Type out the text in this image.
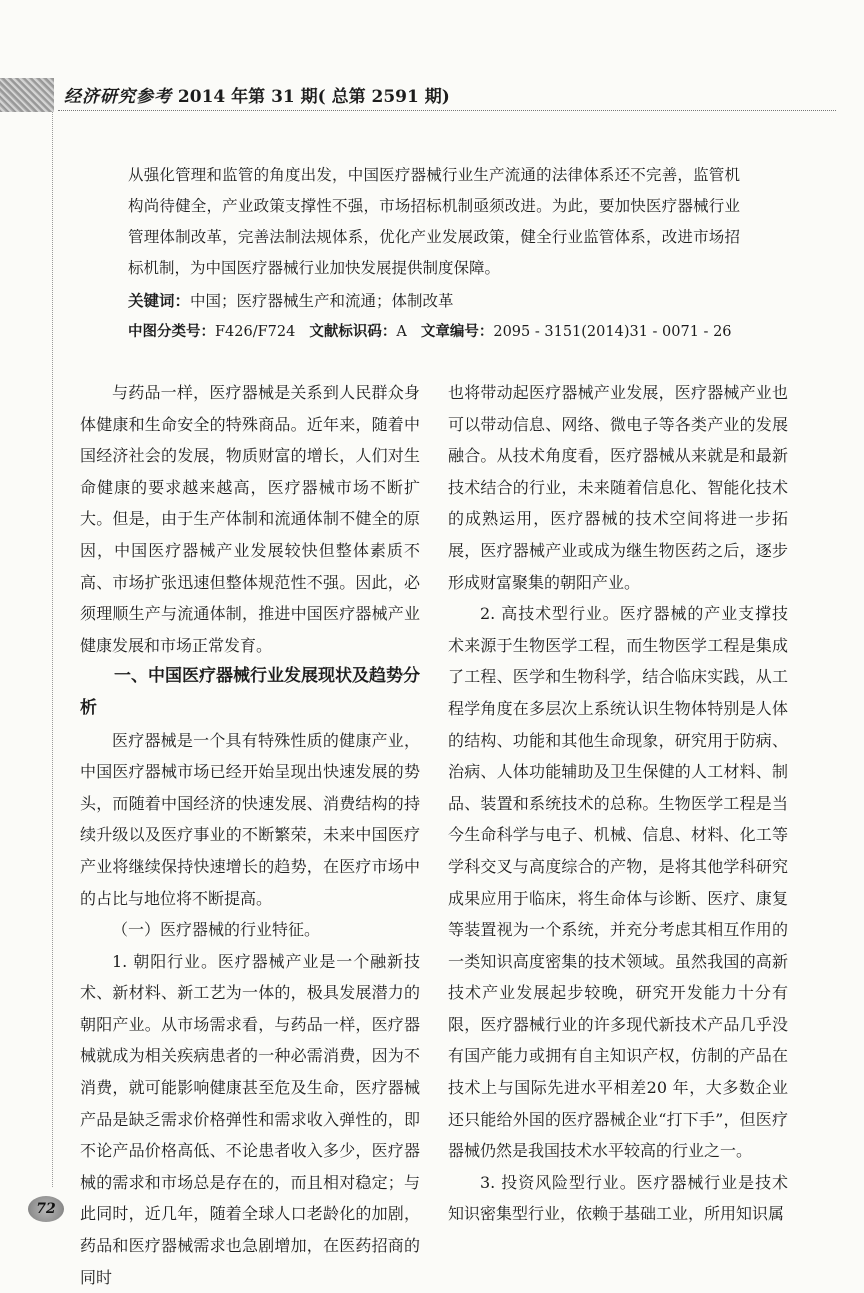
经济研究参考 2014 年第 31 期( 总第 2591 期)

从强化管理和监管的角度出发，中国医疗器械行业生产流通的法律体系还不完善，监管机构尚待健全，产业政策支撑性不强，市场招标机制亟须改进。为此，要加快医疗器械行业管理体制改革，完善法制法规体系，优化产业发展政策，健全行业监管体系，改进市场招标机制，为中国医疗器械行业加快发展提供制度保障。

关键词：中国；医疗器械生产和流通；体制改革

中图分类号：F426/F724 文献标识码：A 文章编号：2095 - 3151(2014)31 - 0071 - 26

与药品一样，医疗器械是关系到人民群众身体健康和生命安全的特殊商品。近年来，随着中国经济社会的发展，物质财富的增长，人们对生命健康的要求越来越高，医疗器械市场不断扩大。但是，由于生产体制和流通体制不健全的原因，中国医疗器械产业发展较快但整体素质不高、市场扩张迅速但整体规范性不强。因此，必须理顺生产与流通体制，推进中国医疗器械产业健康发展和市场正常发育。

一、中国医疗器械行业发展现状及趋势分析

医疗器械是一个具有特殊性质的健康产业，中国医疗器械市场已经开始呈现出快速发展的势头，而随着中国经济的快速发展、消费结构的持续升级以及医疗事业的不断繁荣，未来中国医疗产业将继续保持快速增长的趋势，在医疗市场中的占比与地位将不断提高。

（一）医疗器械的行业特征。

1. 朝阳行业。医疗器械产业是一个融新技术、新材料、新工艺为一体的，极具发展潜力的朝阳产业。从市场需求看，与药品一样，医疗器械就成为相关疾病患者的一种必需消费，因为不消费，就可能影响健康甚至危及生命，医疗器械产品是缺乏需求价格弹性和需求收入弹性的，即不论产品价格高低、不论患者收入多少，医疗器械的需求和市场总是存在的，而且相对稳定；与此同时，近几年，随着全球人口老龄化的加剧，药品和医疗器械需求也急剧增加，在医药招商的同时

也将带动起医疗器械产业发展，医疗器械产业也可以带动信息、网络、微电子等各类产业的发展融合。从技术角度看，医疗器械从来就是和最新技术结合的行业，未来随着信息化、智能化技术的成熟运用，医疗器械的技术空间将进一步拓展，医疗器械产业或成为继生物医药之后，逐步形成财富聚集的朝阳产业。

2. 高技术型行业。医疗器械的产业支撑技术来源于生物医学工程，而生物医学工程是集成了工程、医学和生物科学，结合临床实践，从工程学角度在多层次上系统认识生物体特别是人体的结构、功能和其他生命现象，研究用于防病、治病、人体功能辅助及卫生保健的人工材料、制品、装置和系统技术的总称。生物医学工程是当今生命科学与电子、机械、信息、材料、化工等学科交叉与高度综合的产物，是将其他学科研究成果应用于临床，将生命体与诊断、医疗、康复等装置视为一个系统，并充分考虑其相互作用的一类知识高度密集的技术领域。虽然我国的高新技术产业发展起步较晚，研究开发能力十分有限，医疗器械行业的许多现代新技术产品几乎没有国产能力或拥有自主知识产权，仿制的产品在技术上与国际先进水平相差20 年，大多数企业还只能给外国的医疗器械企业“打下手”，但医疗器械仍然是我国技术水平较高的行业之一。

3. 投资风险型行业。医疗器械行业是技术知识密集型行业，依赖于基础工业，所用知识属

72
